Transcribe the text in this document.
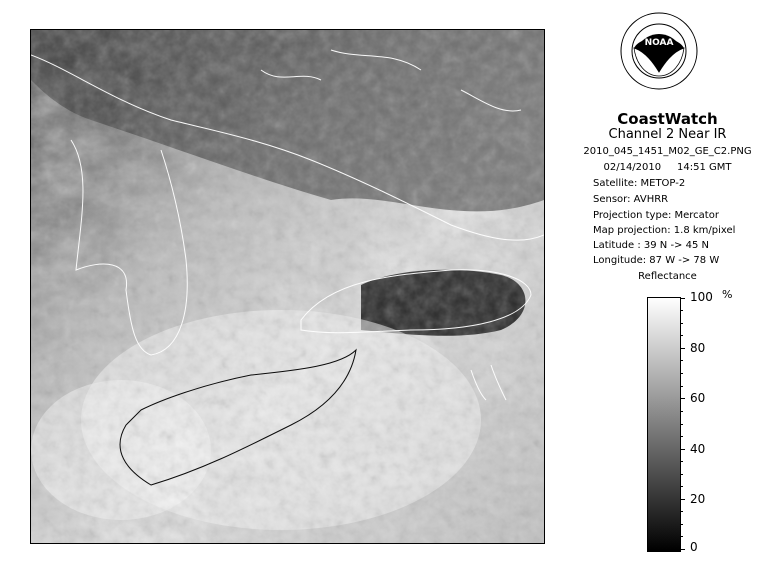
NOAA
CoastWatch
Channel 2 Near IR
2010_045_1451_M02_GE_C2.PNG
02/14/2010     14:51 GMT
Satellite: METOP-2
Sensor: AVHRR
Projection type: Mercator
Map projection: 1.8 km/pixel
Latitude : 39 N -> 45 N
Longitude: 87 W -> 78 W
Reflectance
%
100
80
60
40
20
0
